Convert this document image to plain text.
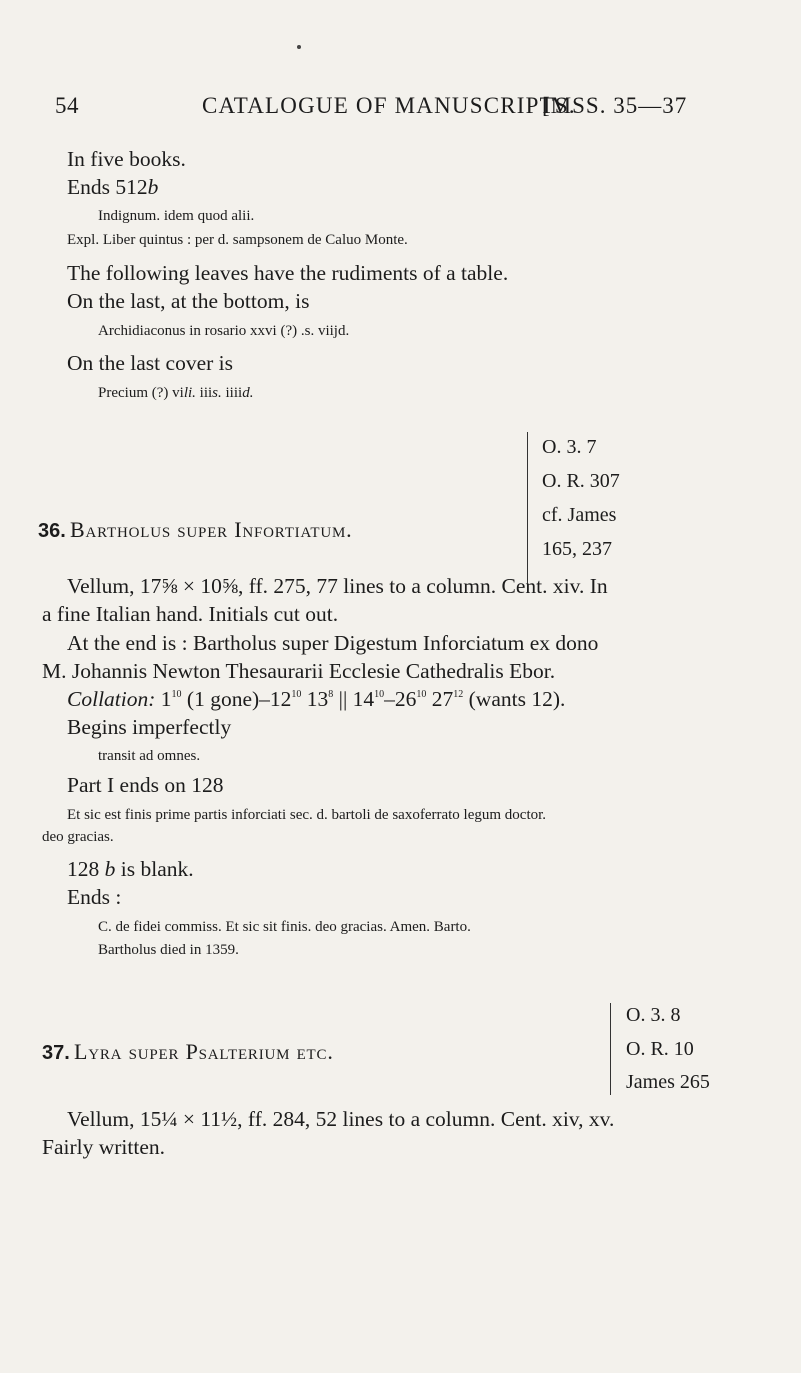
54	CATALOGUE OF MANUSCRIPTS.
[MSS. 35—37
In five books.
Ends 512b
Indignum. idem quod alii.
Expl. Liber quintus : per d. sampsonem de Caluo Monte.
The following leaves have the rudiments of a table.
On the last, at the bottom, is
Archidiaconus in rosario xxvi (?) .s. viijd.
On the last cover is
Precium (?) vili. iiis. iiiid.
36. Bartholus super Infortiatum.
O. 3. 7
O. R. 307
cf. James
165, 237
Vellum, 17⅝ × 10⅝, ff. 275, 77 lines to a column. Cent. xiv. In
a fine Italian hand. Initials cut out.
At the end is : Bartholus super Digestum Inforciatum ex dono
M. Johannis Newton Thesaurarii Ecclesie Cathedralis Ebor.
Collation: $1^{10}$ (1 $gone)-12^{10}$ $13^8$ || $14^{10}-26^{10}$ $27^{12}$ (wants 12).
Begins imperfectly
transit ad omnes.
Part I ends on 128
Et sic est finis prime partis inforciati sec. d. bartoli de saxoferrato legum doctor.
deo gracias.
128 b is blank.
Ends :
C. de fidei commiss. Et sic sit finis. deo gracias. Amen. Barto.
Bartholus died in 1359.
37. Lyra super Psalterium etc.
O. 3. 8
O. R. 10
James 265
Vellum, 15¼ × 11½, ff. 284, 52 lines to a column. Cent. xiv, xv.
Fairly written.
